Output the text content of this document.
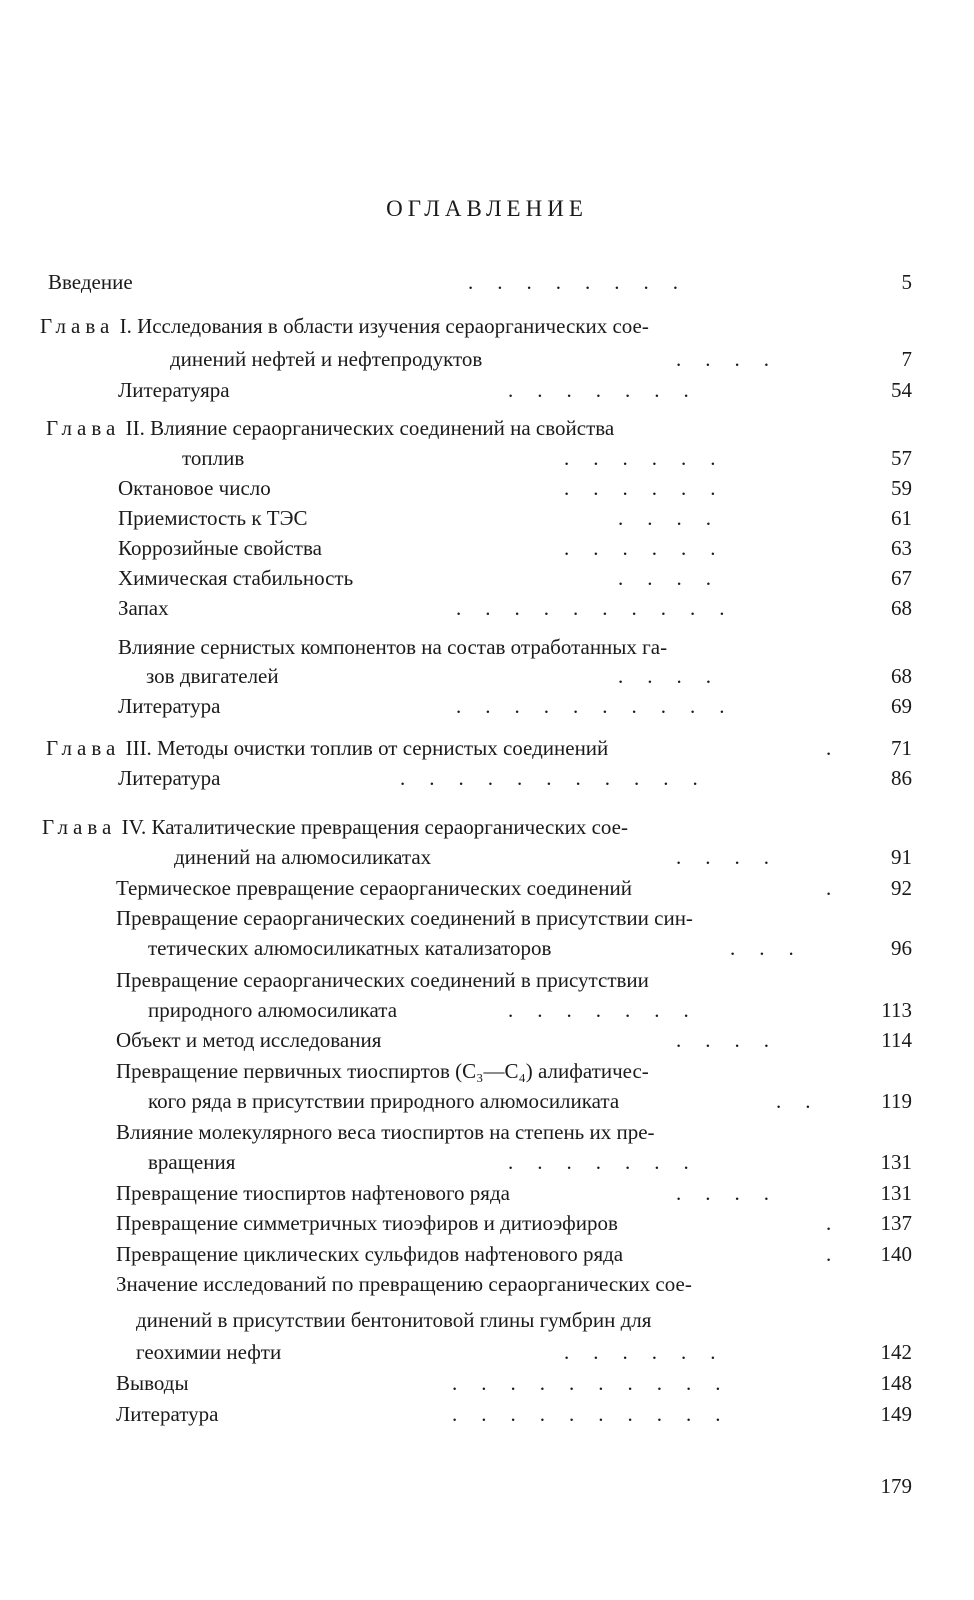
ОГЛАВЛЕНИЕ
Введение	........	5
Глава I. Исследования в области изучения сераорганических сое-
динений нефтей и нефтепродуктов	....	7
Литератуяра	.......	54
Глава II. Влияние сераорганических соединений на свойства
топлив	......	57
Октановое число	......	59
Приемистость к ТЭС	....	61
Коррозийные свойства	......	63
Химическая стабильность	....	67
Запах	..........	68
Влияние сернистых компонентов на состав отработанных га-
зов двигателей	....	68
Литература	..........	69
Глава III. Методы очистки топлив от сернистых соединений	.	71
Литература	...........	86
Глава IV. Каталитические превращения сераорганических сое-
динений на алюмосиликатах	....	91
Термическое превращение сераорганических соединений	.	92
Превращение сераорганических соединений в присутствии син-
тетических алюмосиликатных катализаторов	...	96
Превращение сераорганических соединений в присутствии
природного алюмосиликата	.......	113
Объект и метод исследования	....	114
Превращение первичных тиоспиртов (C₃—C₄) алифатичес-
кого ряда в присутствии природного алюмосиликата	..	119
Влияние молекулярного веса тиоспиртов на степень их пре-
вращения	.......	131
Превращение тиоспиртов нафтенового ряда	....	131
Превращение симметричных тиоэфиров и дитиоэфиров	.	137
Превращение циклических сульфидов нафтенового ряда	.	140
Значение исследований по превращению сераорганических сое-
динений в присутствии бентонитовой глины гумбрин для
геохимии нефти	......	142
Выводы	..........	148
Литература	..........	149
179
